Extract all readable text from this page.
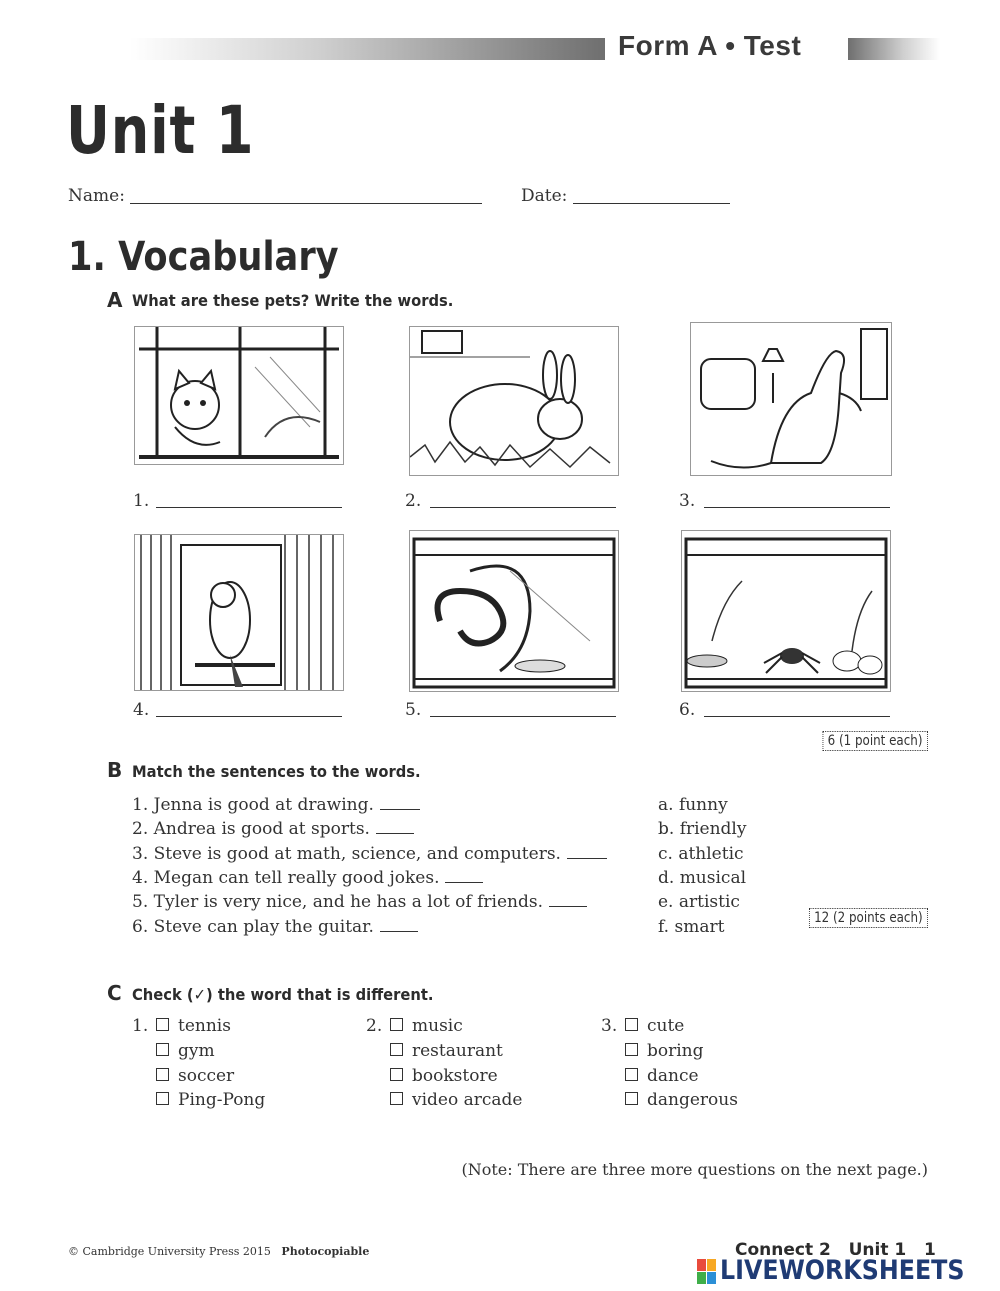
Form A • Test
Unit 1
Name:	Date:
1. Vocabulary
A What are these pets? Write the words.
1.	2.	3.
4.	5.	6.
6 (1 point each)
B Match the sentences to the words.
1. Jenna is good at drawing.
2. Andrea is good at sports.
3. Steve is good at math, science, and computers.
4. Megan can tell really good jokes.
5. Tyler is very nice, and he has a lot of friends.
6. Steve can play the guitar.
a. funny
b. friendly
c. athletic
d. musical
e. artistic
f. smart	12 (2 points each)
C Check (✓) the word that is different.
1.	tennis
gym
soccer
Ping-Pong
2.	music
restaurant
bookstore
video arcade
3.	cute
boring
dance
dangerous
(Note: There are three more questions on the next page.)
© Cambridge University Press 2015 Photocopiable	Connect 2 Unit 1 1
LIVEWORKSHEETS
